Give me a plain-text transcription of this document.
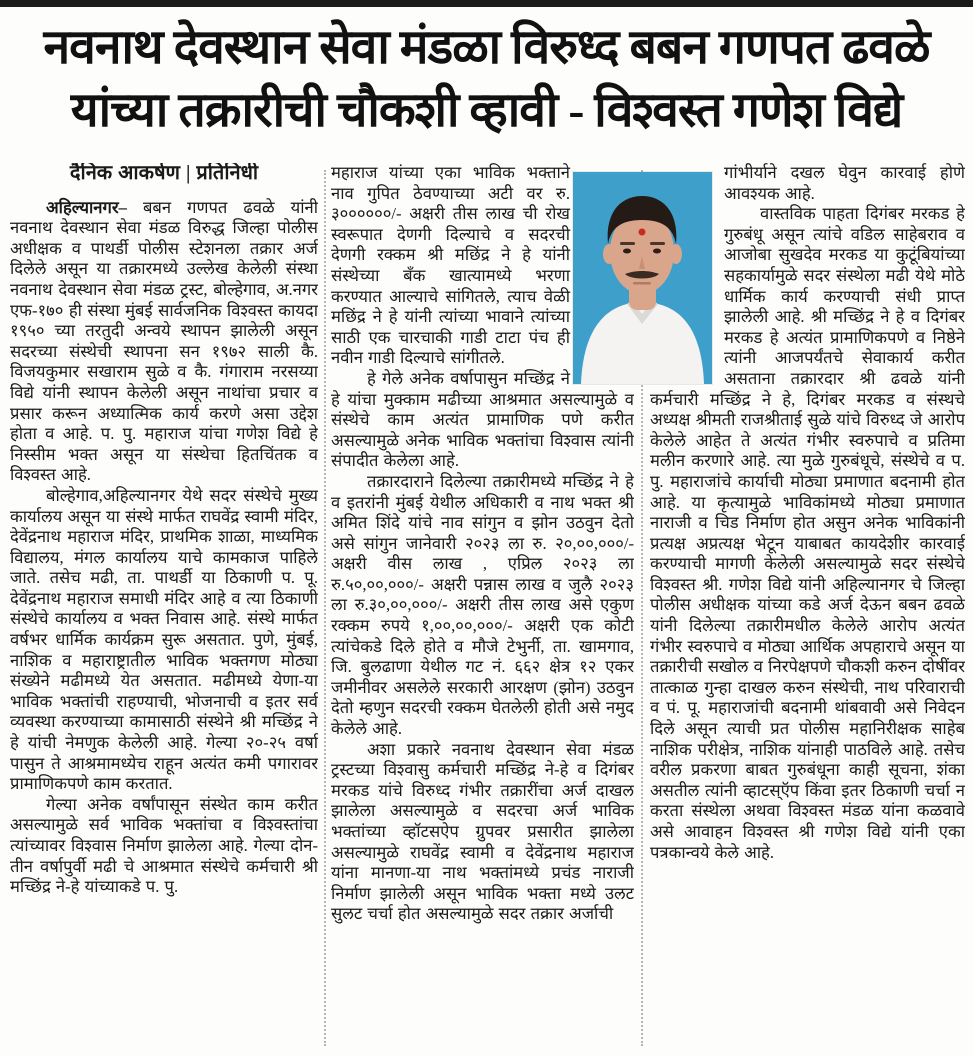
नवनाथ देवस्थान सेवा मंडळा विरुध्द बबन गणपत ढवळे
यांच्या तक्रारीची चौकशी व्हावी - विश्वस्त गणेश विद्ये
दैनिक आकर्षण | प्रतिनिधी

अहिल्यानगर– बबन गणपत ढवळे यांनी नवनाथ देवस्थान सेवा मंडळ विरुद्ध जिल्हा पोलीस अधीक्षक व पाथर्डी पोलीस स्टेशनला तक्रार अर्ज दिलेले असून या तक्रारमध्ये उल्लेख केलेली संस्था नवनाथ देवस्थान सेवा मंडळ ट्रस्ट, बोल्हेगाव, अ.नगर एफ-१७० ही संस्था मुंबई सार्वजनिक विश्वस्त कायदा १९५० च्या तरतुदी अन्वये स्थापन झालेली असून सदरच्या संस्थेची स्थापना सन १९७२ साली कै. विजयकुमार सखाराम सुळे व कै. गंगाराम नरसय्या विद्ये यांनी स्थापन केलेली असून नाथांचा प्रचार व प्रसार करून अध्यात्मिक कार्य करणे असा उद्देश होता व आहे. प. पु. महाराज यांचा गणेश विद्ये हे निस्सीम भक्त असून या संस्थेचा हितचिंतक व विश्वस्त आहे.

बोल्हेगाव,अहिल्यानगर येथे सदर संस्थेचे मुख्य कार्यालय असून या संस्थे मार्फत राघवेंद्र स्वामी मंदिर, देवेंद्रनाथ महाराज मंदिर, प्राथमिक शाळा, माध्यमिक विद्यालय, मंगल कार्यालय याचे कामकाज पाहिले जाते. तसेच मढी, ता. पाथर्डी या ठिकाणी प. पू. देवेंद्रनाथ महाराज समाधी मंदिर आहे व त्या ठिकाणी संस्थेचे कार्यालय व भक्त निवास आहे. संस्थे मार्फत वर्षभर धार्मिक कार्यक्रम सुरू असतात. पुणे, मुंबई, नाशिक व महाराष्ट्रातील भाविक भक्तगण मोठ्या संख्येने मढीमध्ये येत असतात. मढीमध्ये येणा-या भाविक भक्तांची राहण्याची, भोजनाची व इतर सर्व व्यवस्था करण्याच्या कामासाठी संस्थेने श्री मच्छिंद्र ने हे यांची नेमणुक केलेली आहे. गेल्या २०-२५ वर्षा पासुन ते आश्रमामध्येच राहून अत्यंत कमी पगारावर प्रामाणिकपणे काम करतात.

गेल्या अनेक वर्षांपासून संस्थेत काम करीत असल्यामुळे सर्व भाविक भक्तांचा व विश्वस्तांचा त्यांच्यावर विश्वास निर्माण झालेला आहे. गेल्या दोन-तीन वर्षापुर्वी मढी चे आश्रमात संस्थेचे कर्मचारी श्री मच्छिंद्र ने-हे यांच्याकडे प. पु.

महाराज यांच्या एका भाविक भक्ताने नाव गुपित ठेवण्याच्या अटी वर रु. ३००००००/- अक्षरी तीस लाख ची रोख स्वरूपात देणगी दिल्याचे व सदरची देणगी रक्कम श्री मछिंद्र ने हे यांनी संस्थेच्या बँक खात्यामध्ये भरणा करण्यात आल्याचे सांगितले, त्याच वेळी मछिंद्र ने हे यांनी त्यांच्या भावाने त्यांच्या साठी एक चारचाकी गाडी टाटा पंच ही नवीन गाडी दिल्याचे सांगीतले.

हे गेले अनेक वर्षापासुन मच्छिंद्र ने हे यांचा मुक्काम मढीच्या आश्रमात असल्यामुळे व संस्थेचे काम अत्यंत प्रामाणिक पणे करीत असल्यामुळे अनेक भाविक भक्तांचा विश्वास त्यांनी संपादीत केलेला आहे.

तक्रारदाराने दिलेल्या तक्रारीमध्ये मच्छिंद्र ने हे व इतरांनी मुंबई येथील अधिकारी व नाथ भक्त श्री अमित शिंदे यांचे नाव सांगुन व झोन उठवुन देतो असे सांगुन जानेवारी २०२३ ला रु. २०,००,०००/- अक्षरी वीस लाख , एप्रिल २०२३ ला रु.५०,००,०००/- अक्षरी पन्नास लाख व जुलै २०२३ ला रु.३०,००,०००/- अक्षरी तीस लाख असे एकुण रक्कम रुपये १,००,००,०००/- अक्षरी एक कोटी त्यांचेकडे दिले होते व मौजे टेभुर्नी, ता. खामगाव, जि. बुलढाणा येथील गट नं. ६६२ क्षेत्र १२ एकर जमीनीवर असलेले सरकारी आरक्षण (झोन) उठवुन देतो म्हणुन सदरची रक्कम घेतलेली होती असे नमुद केलेले आहे.

अशा प्रकारे नवनाथ देवस्थान सेवा मंडळ ट्रस्टच्या विश्वासु कर्मचारी मच्छिंद्र ने-हे व दिगंबर मरकड यांचे विरुध्द गंभीर तक्रारींचा अर्ज दाखल झालेला असल्यामुळे व सदरचा अर्ज भाविक भक्तांच्या व्हॉटसऐप ग्रुपवर प्रसारीत झालेला असल्यामुळे राघवेंद्र स्वामी व देवेंद्रनाथ महाराज यांना मानणा-या नाथ भक्तांमध्ये प्रचंड नाराजी निर्माण झालेली असून भाविक भक्ता मध्ये उलट सुलट चर्चा होत असल्यामुळे सदर तक्रार अर्जाची

गांभीर्याने दखल घेवुन कारवाई होणे आवश्यक आहे.

वास्तविक पाहता दिगंबर मरकड हे गुरुबंधू असून त्यांचे वडिल साहेबराव व आजोबा सुखदेव मरकड या कुटूंबियांच्या सहकार्यामुळे सदर संस्थेला मढी येथे मोठे धार्मिक कार्य करण्याची संधी प्राप्त झालेली आहे. श्री मच्छिंद्र ने हे व दिगंबर मरकड हे अत्यंत प्रामाणिकपणे व निष्ठेने त्यांनी आजपर्यंतचे सेवाकार्य करीत असताना तक्रारदार श्री ढवळे यांनी कर्मचारी मच्छिंद्र ने हे, दिगंबर मरकड व संस्थचे अध्यक्ष श्रीमती राजश्रीताई सुळे यांचे विरुध्द जे आरोप केलेले आहेत ते अत्यंत गंभीर स्वरुपाचे व प्रतिमा मलीन करणारे आहे. त्या मुळे गुरुबंधूचे, संस्थेचे व प. पु. महाराजांचे कार्याची मोठ्या प्रमाणात बदनामी होत आहे. या कृत्यामुळे भाविकांमध्ये मोठ्या प्रमाणात नाराजी व चिड निर्माण होत असुन अनेक भाविकांनी प्रत्यक्ष अप्रत्यक्ष भेटून याबाबत कायदेशीर कारवाई करण्याची मागणी केलेली असल्यामुळे सदर संस्थेचे विश्वस्त श्री. गणेश विद्ये यांनी अहिल्यानगर चे जिल्हा पोलीस अधीक्षक यांच्या कडे अर्ज देऊन बबन ढवळे यांनी दिलेल्या तक्रारीमधील केलेले आरोप अत्यंत गंभीर स्वरुपाचे व मोठ्या आर्थिक अपहाराचे असून या तक्रारीची सखोल व निरपेक्षपणे चौकशी करुन दोषींवर तात्काळ गुन्हा दाखल करुन संस्थेची, नाथ परिवाराची व पं. पू. महाराजांची बदनामी थांबवावी असे निवेदन दिले असून त्याची प्रत पोलीस महानिरीक्षक साहेब नाशिक परीक्षेत्र, नाशिक यांनाही पाठविले आहे. तसेच वरील प्रकरणा बाबत गुरुबंधूना काही सूचना, शंका असतील त्यांनी व्हाटस्ऍप किंवा इतर ठिकाणी चर्चा न करता संस्थेला अथवा विश्वस्त मंडळ यांना कळवावे असे आवाहन विश्वस्त श्री गणेश विद्ये यांनी एका पत्रकान्वये केले आहे.
